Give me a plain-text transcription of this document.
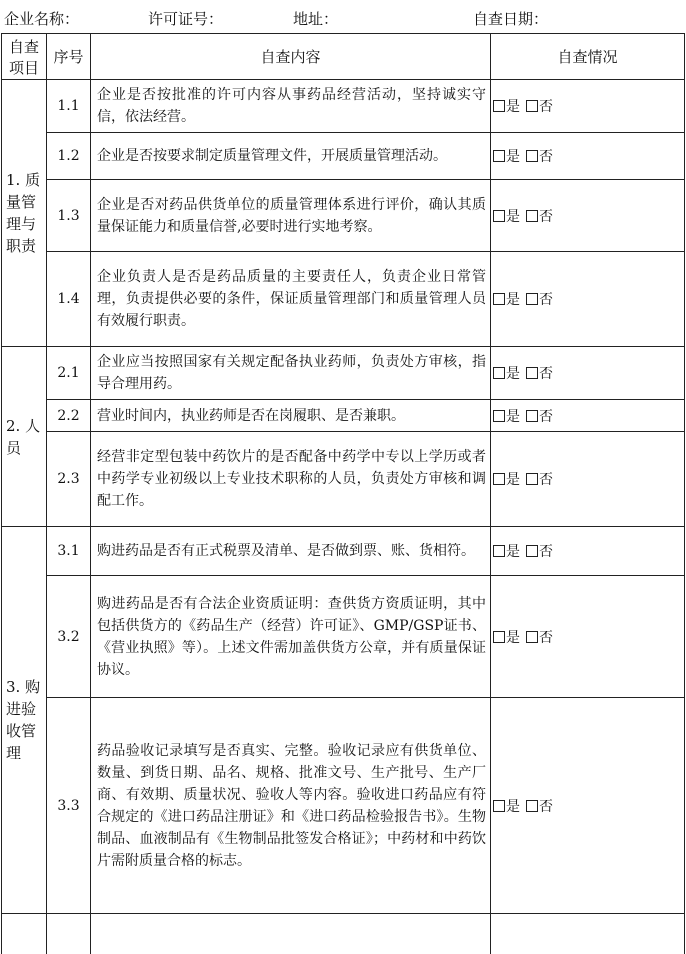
企业名称：	许可证号：	地址：	自查日期：
自查项目	序号	自查内容	自查情况
1. 质量管理与职责	1.1	企业是否按批准的许可内容从事药品经营活动，坚持诚实守信，依法经营。	是 否
	1.2	企业是否按要求制定质量管理文件，开展质量管理活动。	是 否
	1.3	企业是否对药品供货单位的质量管理体系进行评价，确认其质量保证能力和质量信誉,必要时进行实地考察。	是 否
	1.4	企业负责人是否是药品质量的主要责任人，负责企业日常管理，负责提供必要的条件，保证质量管理部门和质量管理人员有效履行职责。	是 否
2. 人员	2.1	企业应当按照国家有关规定配备执业药师，负责处方审核，指导合理用药。	是 否
	2.2	营业时间内，执业药师是否在岗履职、是否兼职。	是 否
	2.3	经营非定型包装中药饮片的是否配备中药学中专以上学历或者中药学专业初级以上专业技术职称的人员，负责处方审核和调配工作。	是 否
3. 购进验收管理	3.1	购进药品是否有正式税票及清单、是否做到票、账、货相符。	是 否
	3.2	购进药品是否有合法企业资质证明：查供货方资质证明，其中包括供货方的《药品生产（经营）许可证》、GMP/GSP证书、《营业执照》等）。上述文件需加盖供货方公章，并有质量保证协议。	是 否
	3.3	药品验收记录填写是否真实、完整。验收记录应有供货单位、数量、到货日期、品名、规格、批准文号、生产批号、生产厂商、有效期、质量状况、验收人等内容。验收进口药品应有符合规定的《进口药品注册证》和《进口药品检验报告书》。生物制品、血液制品有《生物制品批签发合格证》；中药材和中药饮片需附质量合格的标志。	是 否
